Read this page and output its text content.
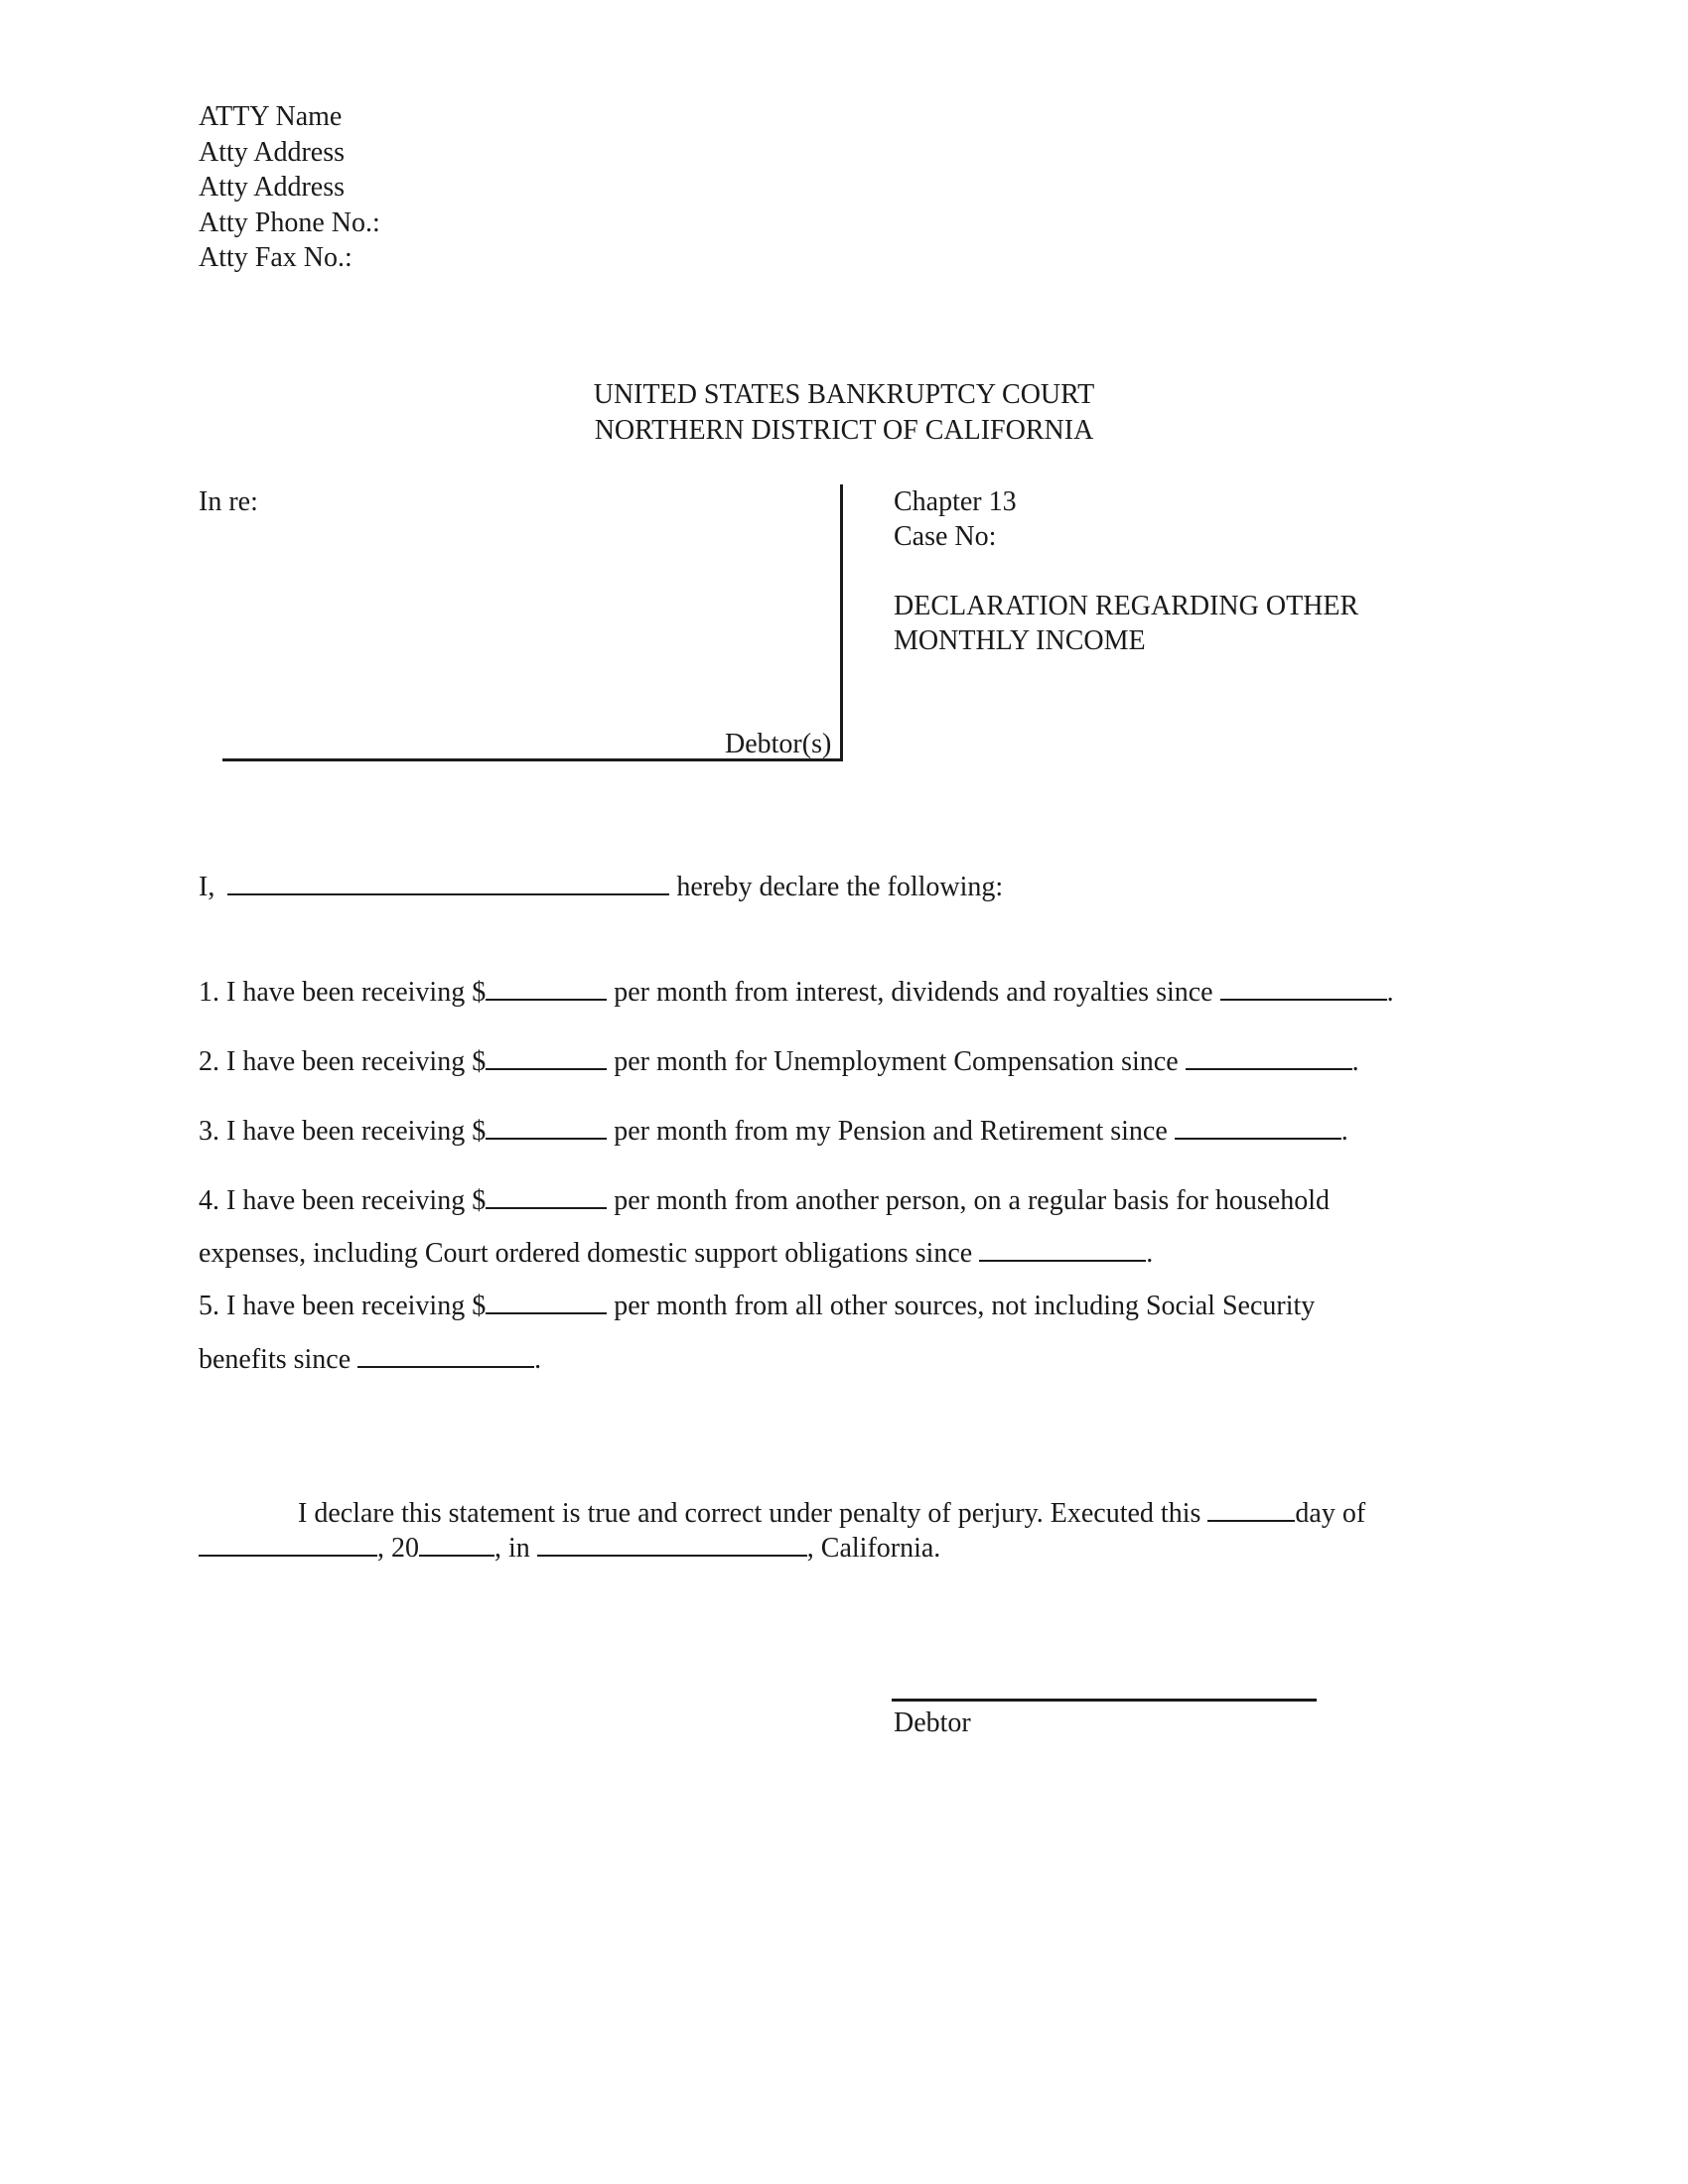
ATTY Name
Atty Address
Atty Address
Atty Phone No.:
Atty Fax No.:
UNITED STATES BANKRUPTCY COURT
NORTHERN DISTRICT OF CALIFORNIA
In re:
Debtor(s)
Chapter 13
Case No:
DECLARATION REGARDING OTHER
MONTHLY INCOME
I,	hereby declare the following:
1. I have been receiving $	per month from interest, dividends and royalties since	.
2. I have been receiving $	per month for Unemployment Compensation since	.
3. I have been receiving $	per month from my Pension and Retirement since	.
4. I have been receiving $	per month from another person, on a regular basis for household
expenses, including Court ordered domestic support obligations since	.
5. I have been receiving $	per month from all other sources, not including Social Security
benefits since	.
I declare this statement is true and correct under penalty of perjury. Executed this	day of
, 20	, in	, California.
Debtor
